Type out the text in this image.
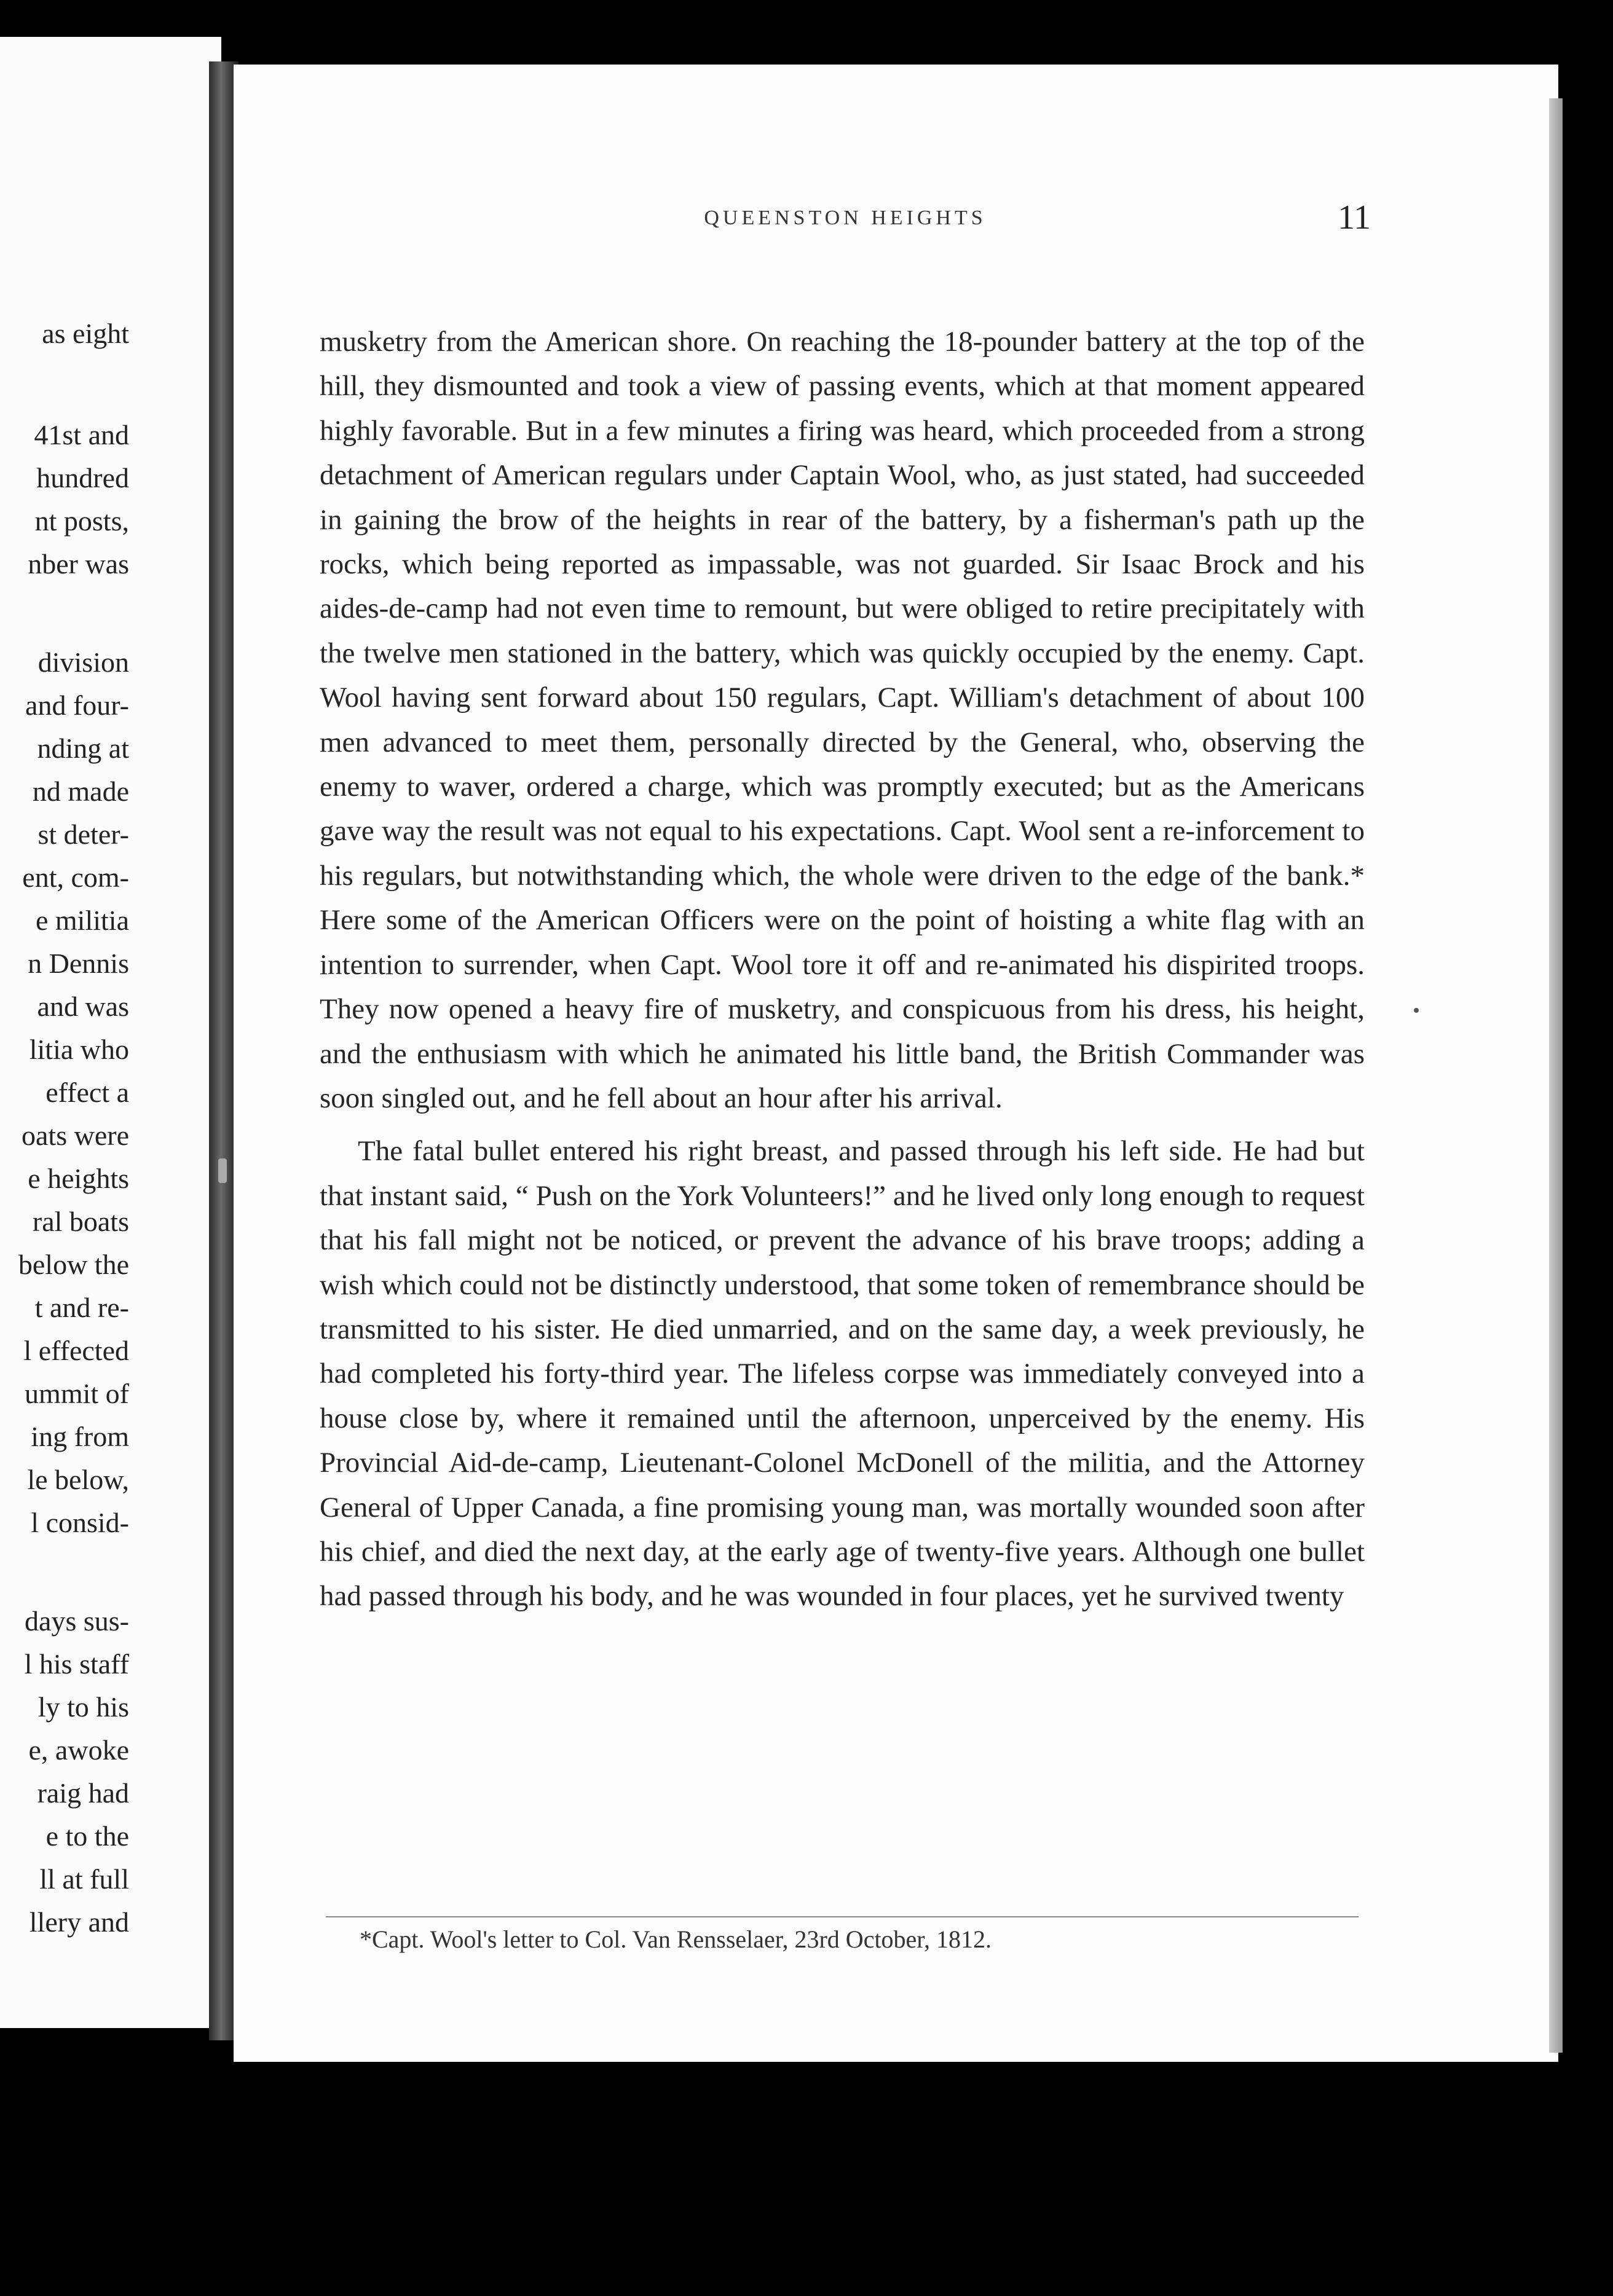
as eight
41st and
hundred
nt posts,
nber was
division
and four-
nding at
nd made
st deter-
ent, com-
e militia
n Dennis
and was
litia who
effect a
oats were
e heights
ral boats
below the
t and re-
l effected
ummit of
ing from
le below,
l consid-
days sus-
l his staff
ly to his
e, awoke
raig had
e to the
ll at full
llery and
QUEENSTON HEIGHTS	11

musketry from the American shore. On reaching the 18-pounder battery at the top of the hill, they dismounted and took a view of passing events, which at that moment appeared highly favorable. But in a few minutes a firing was heard, which proceeded from a strong detachment of American regulars under Captain Wool, who, as just stated, had succeeded in gaining the brow of the heights in rear of the battery, by a fisherman's path up the rocks, which being reported as impassable, was not guarded. Sir Isaac Brock and his aides-de-camp had not even time to remount, but were obliged to retire precipitately with the twelve men stationed in the battery, which was quickly occupied by the enemy. Capt. Wool having sent forward about 150 regulars, Capt. William's detachment of about 100 men advanced to meet them, personally directed by the General, who, observing the enemy to waver, ordered a charge, which was promptly executed; but as the Americans gave way the result was not equal to his expectations. Capt. Wool sent a re-inforcement to his regulars, but notwithstanding which, the whole were driven to the edge of the bank.* Here some of the American Officers were on the point of hoisting a white flag with an intention to surrender, when Capt. Wool tore it off and re-animated his dispirited troops. They now opened a heavy fire of musketry, and conspicuous from his dress, his height, and the enthusiasm with which he animated his little band, the British Commander was soon singled out, and he fell about an hour after his arrival.

The fatal bullet entered his right breast, and passed through his left side. He had but that instant said, “ Push on the York Volunteers!” and he lived only long enough to request that his fall might not be noticed, or prevent the advance of his brave troops; adding a wish which could not be distinctly understood, that some token of remembrance should be transmitted to his sister. He died unmarried, and on the same day, a week previously, he had completed his forty-third year. The lifeless corpse was immediately conveyed into a house close by, where it remained until the afternoon, unperceived by the enemy. His Provincial Aid-de-camp, Lieutenant-Colonel McDonell of the militia, and the Attorney General of Upper Canada, a fine promising young man, was mortally wounded soon after his chief, and died the next day, at the early age of twenty-five years. Although one bullet had passed through his body, and he was wounded in four places, yet he survived twenty

*Capt. Wool's letter to Col. Van Rensselaer, 23rd October, 1812.
